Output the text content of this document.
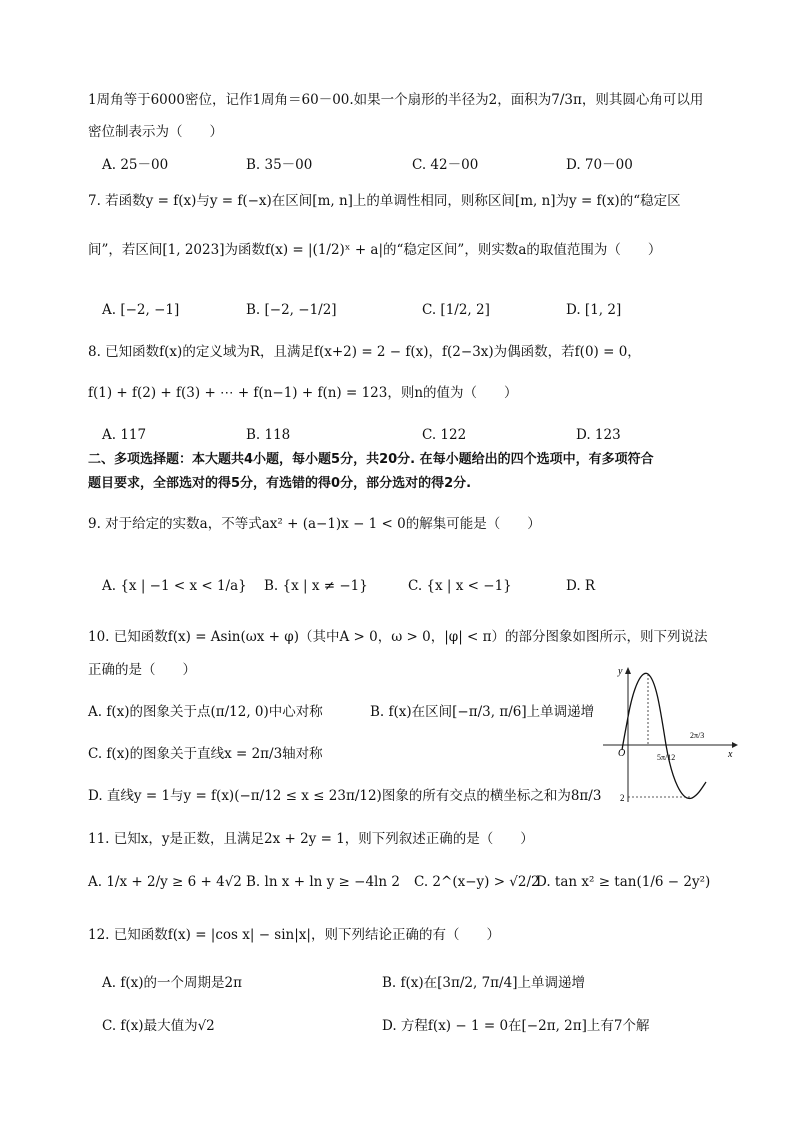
1周角等于6000密位，记作1周角＝60－00.如果一个扇形的半径为2，面积为7/3π，则其圆心角可以用
密位制表示为（　　）
A. 25－00	B. 35－00	C. 42－00	D. 70－00
7. 若函数y = f(x)与y = f(−x)在区间[m, n]上的单调性相同，则称区间[m, n]为y = f(x)的“稳定区
间”，若区间[1, 2023]为函数f(x) = |(1/2)ˣ + a|的“稳定区间”，则实数a的取值范围为（　　）
A. [−2, −1]	B. [−2, −1/2]	C. [1/2, 2]	D. [1, 2]
8. 已知函数f(x)的定义域为R，且满足f(x+2) = 2 − f(x)，f(2−3x)为偶函数，若f(0) = 0，
f(1) + f(2) + f(3) + ⋯ + f(n−1) + f(n) = 123，则n的值为（　　）
A. 117	B. 118	C. 122	D. 123
二、多项选择题：本大题共4小题，每小题5分，共20分. 在每小题给出的四个选项中，有多项符合
题目要求，全部选对的得5分，有选错的得0分，部分选对的得2分.
9. 对于给定的实数a，不等式ax² + (a−1)x − 1 < 0的解集可能是（　　）
A. {x | −1 < x < 1/a} B. {x | x ≠ −1}	C. {x | x < −1}	D. R
10. 已知函数f(x) = Asin(ωx + φ)（其中A > 0，ω > 0，|φ| < π）的部分图象如图所示，则下列说法
正确的是（　　）
A. f(x)的图象关于点(π/12, 0)中心对称	B. f(x)在区间[−π/3, π/6]上单调递增
C. f(x)的图象关于直线x = 2π/3轴对称
D. 直线y = 1与y = f(x)(−π/12 ≤ x ≤ 23π/12)图象的所有交点的横坐标之和为8π/3
y
x
O	5π/12
2π/3
2
11. 已知x，y是正数，且满足2x + 2y = 1，则下列叙述正确的是（　　）
A. 1/x + 2/y ≥ 6 + 4√2 B. ln x + ln y ≥ −4ln 2 C. 2^(x−y) > √2/2
D. tan x² ≥ tan(1/6 − 2y²)
12. 已知函数f(x) = |cos x| − sin|x|，则下列结论正确的有（　　）
A. f(x)的一个周期是2π	B. f(x)在[3π/2, 7π/4]上单调递增
C. f(x)最大值为√2	D. 方程f(x) − 1 = 0在[−2π, 2π]上有7个解
